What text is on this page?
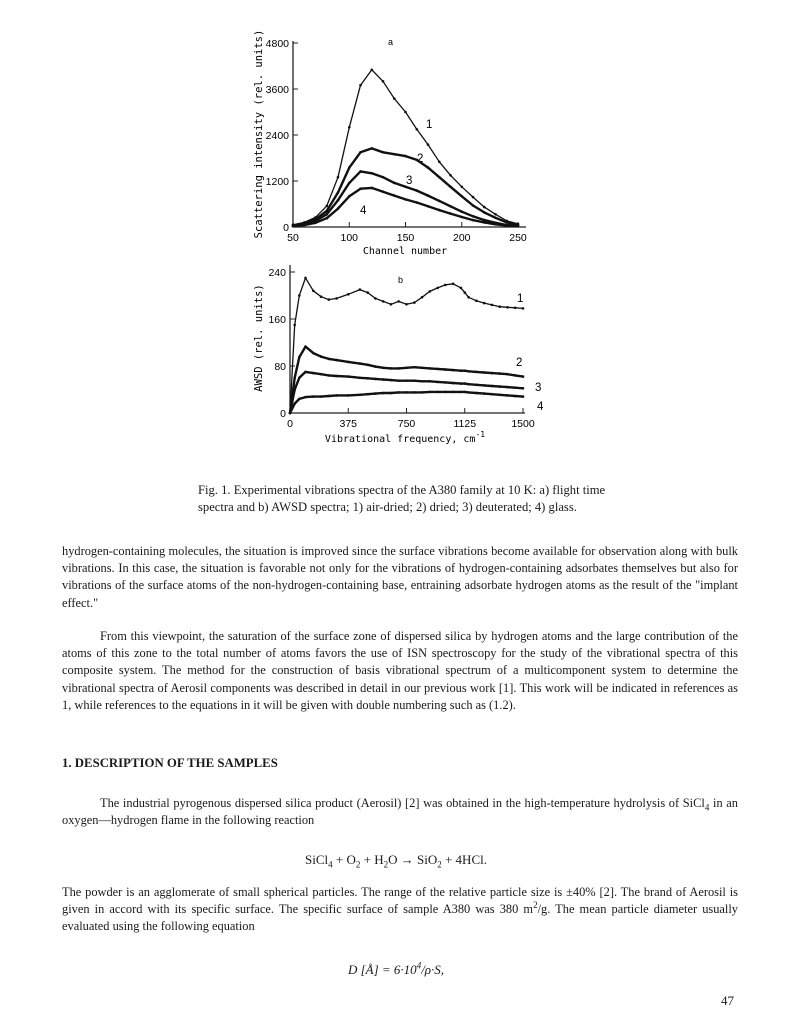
0
1200
2400
3600
4800
50	100	150	200	250
1
2
3
4
a
Channel number
Scattering intensity (rel. units)
0
80
160
240
0	375	750	1125	1500
1
2
3
4
b
Vibrational frequency, $cm^{-1}$
AWSD (rel. units)
Fig. 1. Experimental vibrations spectra of the A380 family at 10 K: a) flight time spectra and b) AWSD spectra; 1) air-dried; 2) dried; 3) deuterated; 4) glass.
hydrogen-containing molecules, the situation is improved since the surface vibrations become available for observation along with bulk vibrations. In this case, the situation is favorable not only for the vibrations of hydrogen-containing adsorbates themselves but also for vibrations of the surface atoms of the non-hydrogen-containing base, entraining adsorbate hydrogen atoms as the result of the "implant effect."
From this viewpoint, the saturation of the surface zone of dispersed silica by hydrogen atoms and the large contribution of the atoms of this zone to the total number of atoms favors the use of ISN spectroscopy for the study of the vibrational spectra of this composite system. The method for the construction of basis vibrational spectrum of a multicomponent system to determine the vibrational spectra of Aerosil components was described in detail in our previous work [1]. This work will be indicated in references as 1, while references to the equations in it will be given with double numbering such as (1.2).
1. DESCRIPTION OF THE SAMPLES
The industrial pyrogenous dispersed silica product (Aerosil) [2] was obtained in the high-temperature hydrolysis of SiCl$_4$ in an oxygen—hydrogen flame in the following reaction
SiCl$_4$ + $O_2 + H_2O \to SiO_2 + 4HCl$.
The powder is an agglomerate of small spherical particles. The range of the relative particle size is ±40% [2]. The brand of Aerosil is given in accord with its specific surface. The specific surface of sample A380 was 380 $m^2/g$. The mean particle diameter usually evaluated using the following equation
D [Å] = $6\cdot 10^4/\rho\cdot S$,
47
